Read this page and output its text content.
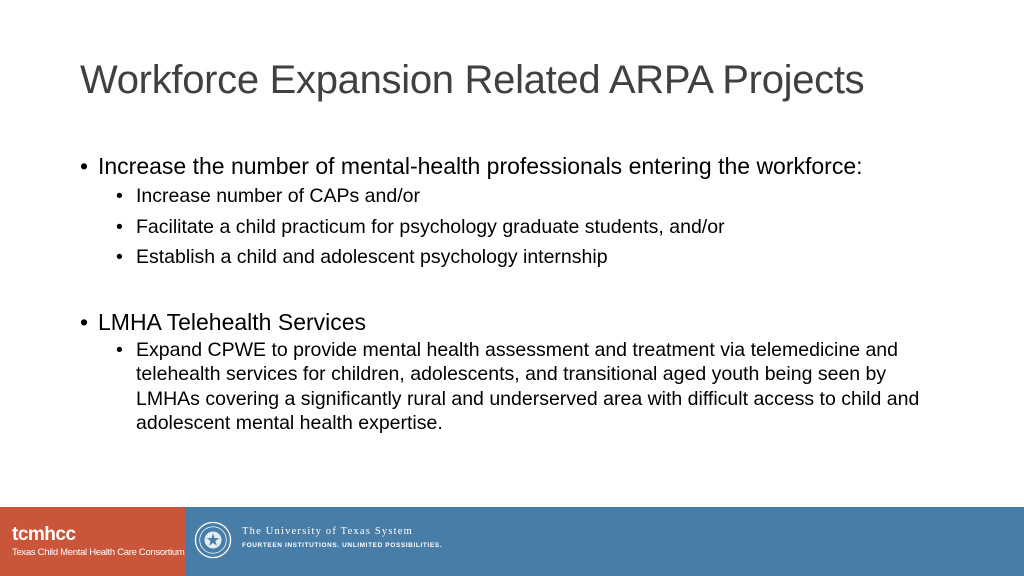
Workforce Expansion Related ARPA Projects
• Increase the number of mental-health professionals entering the workforce:
• Increase number of CAPs and/or
• Facilitate a child practicum for psychology graduate students, and/or
• Establish a child and adolescent psychology internship
• LMHA Telehealth Services
• Expand CPWE to provide mental health assessment and treatment via telemedicine and telehealth services for children, adolescents, and transitional aged youth being seen by LMHAs covering a significantly rural and underserved area with difficult access to child and adolescent mental health expertise.
tcmhcc
Texas Child Mental Health Care Consortium
The University of Texas System
FOURTEEN INSTITUTIONS. UNLIMITED POSSIBILITIES.
